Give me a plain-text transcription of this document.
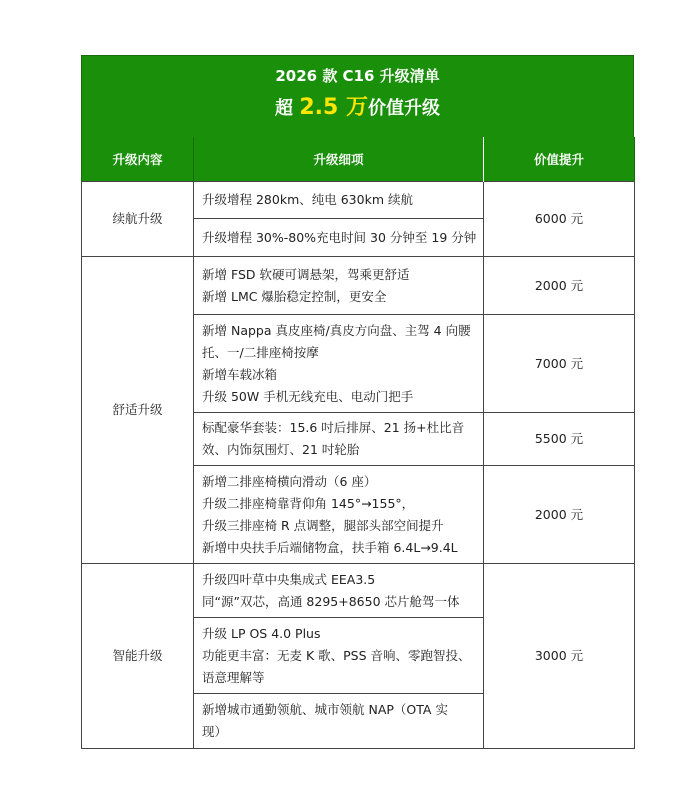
2026 款 C16 升级清单
超 2.5 万价值升级
升级内容	升级细项	价值提升
续航升级	升级增程 280km、纯电 630km 续航	6000 元

	升级增程 30%-80%充电时间 30 分钟至 19 分钟	

舒适升级	新增 FSD 软硬可调悬架，驾乘更舒适
新增 LMC 爆胎稳定控制，更安全	2000 元

	新增 Nappa 真皮座椅/真皮方向盘、主驾 4 向腰
托、一/二排座椅按摩
新增车载冰箱
升级 50W 手机无线充电、电动门把手	7000 元

	标配豪华套装：15.6 吋后排屏、21 扬+杜比音
效、内饰氛围灯、21 吋轮胎	5500 元

	新增二排座椅横向滑动（6 座）
升级二排座椅靠背仰角 145°→155°，
升级三排座椅 R 点调整，腿部头部空间提升
新增中央扶手后端储物盒，扶手箱 6.4L→9.4L	2000 元
智能升级	升级四叶草中央集成式 EEA3.5
同“源”双芯，高通 8295+8650 芯片舱驾一体	3000 元

	升级 LP OS 4.0 Plus
功能更丰富：无麦 K 歌、PSS 音响、零跑智投、
语意理解等	

	新增城市通勤领航、城市领航 NAP（OTA 实
现）	
